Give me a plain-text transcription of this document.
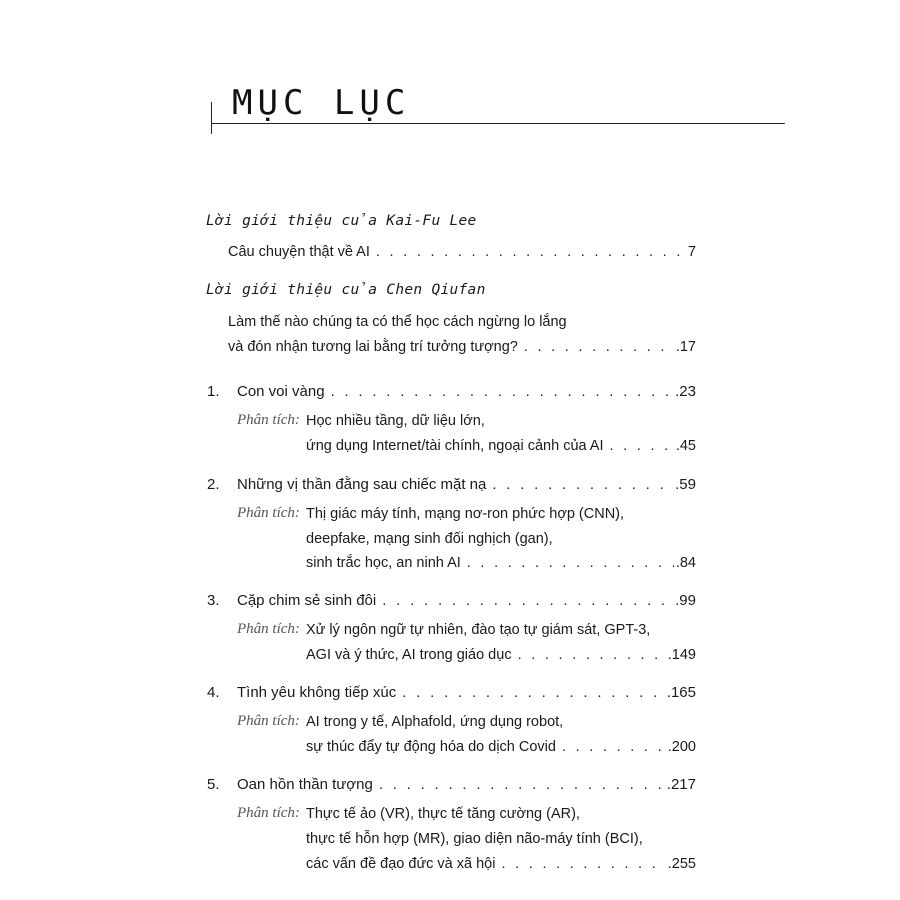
MỤC LỤC
Lời giới thiệu của Kai-Fu Lee
Câu chuyện thật về AI . . .	7
Lời giới thiệu của Chen Qiufan
Làm thế nào chúng ta có thể học cách ngừng lo lắng
và đón nhận tương lai bằng trí tưởng tượng? . . .	.17
1. Con voi vàng . . .	.23
Phân tích: Học nhiều tầng, dữ liệu lớn,
ứng dụng Internet/tài chính, ngoại cảnh của AI . . .	.45
2. Những vị thần đằng sau chiếc mặt nạ . . .	.59
Phân tích: Thị giác máy tính, mạng nơ-ron phức hợp (CNN),
deepfake, mạng sinh đối nghịch (gan),
sinh trắc học, an ninh AI . . .	.84
3. Cặp chim sẻ sinh đôi . . .	.99
Phân tích: Xử lý ngôn ngữ tự nhiên, đào tạo tự giám sát, GPT-3,
AGI và ý thức, AI trong giáo dục . . .	.149
4. Tình yêu không tiếp xúc . . .	.165
Phân tích: AI trong y tế, Alphafold, ứng dụng robot,
sự thúc đẩy tự động hóa do dịch Covid . . .	.200
5. Oan hồn thần tượng . . .	.217
Phân tích: Thực tế ảo (VR), thực tế tăng cường (AR),
thực tế hỗn hợp (MR), giao diện não-máy tính (BCI),
các vấn đề đạo đức và xã hội . . .	.255
